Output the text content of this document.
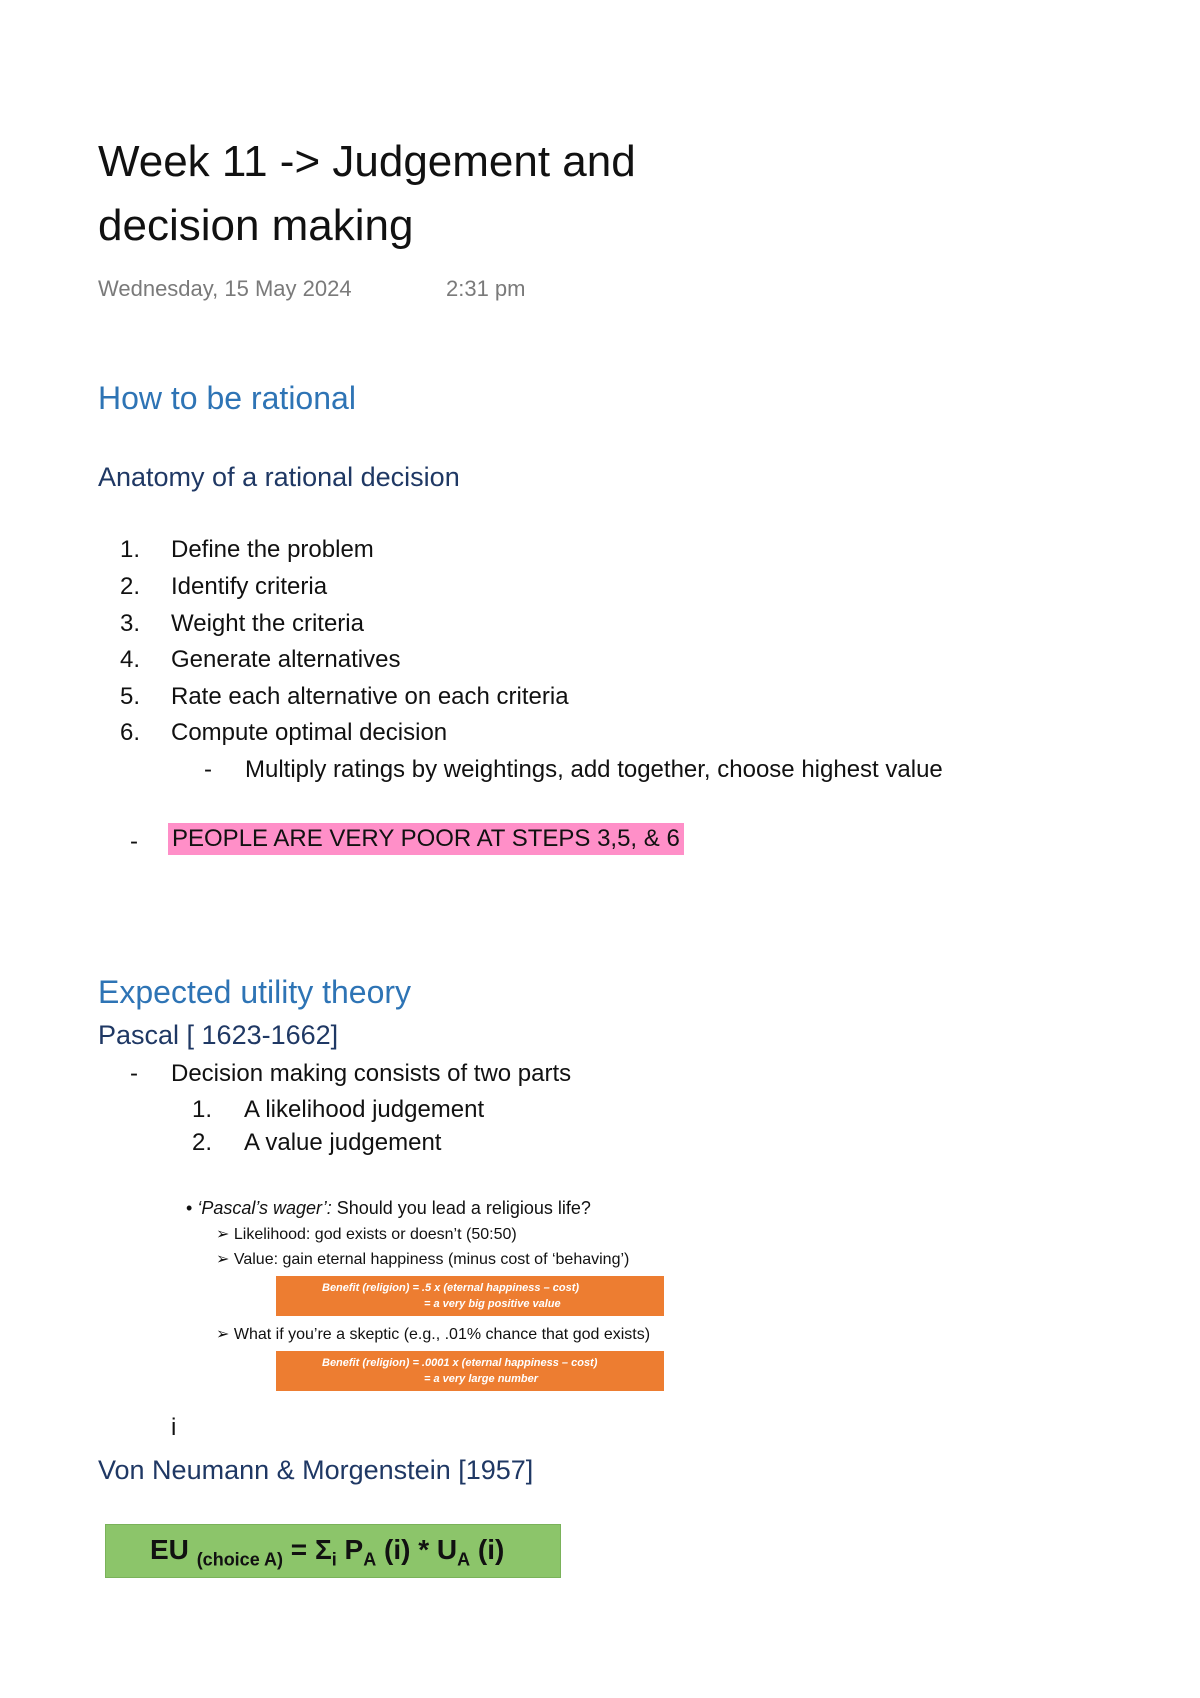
Week 11 -> Judgement and
decision making
Wednesday, 15 May 2024	2:31 pm
How to be rational
Anatomy of a rational decision
1. Define the problem
2. Identify criteria
3. Weight the criteria
4. Generate alternatives
5. Rate each alternative on each criteria
6. Compute optimal decision
- Multiply ratings by weightings, add together, choose highest value
- PEOPLE ARE VERY POOR AT STEPS 3,5, & 6
Expected utility theory
Pascal [ 1623-1662]
- Decision making consists of two parts
1. A likelihood judgement
2. A value judgement
• ‘Pascal’s wager’: Should you lead a religious life?
➢ Likelihood: god exists or doesn’t (50:50)
➢ Value: gain eternal happiness (minus cost of ‘behaving’)
Benefit (religion) = .5 x (eternal happiness – cost)
= a very big positive value
➢ What if you’re a skeptic (e.g., .01% chance that god exists)
Benefit (religion) = .0001 x (eternal happiness – cost)
= a very large number
i
Von Neumann & Morgenstein [1957]
EU $_{(choice A)} = \Sigma_i$ $P_A$ $(i) * U_A$ (i)
